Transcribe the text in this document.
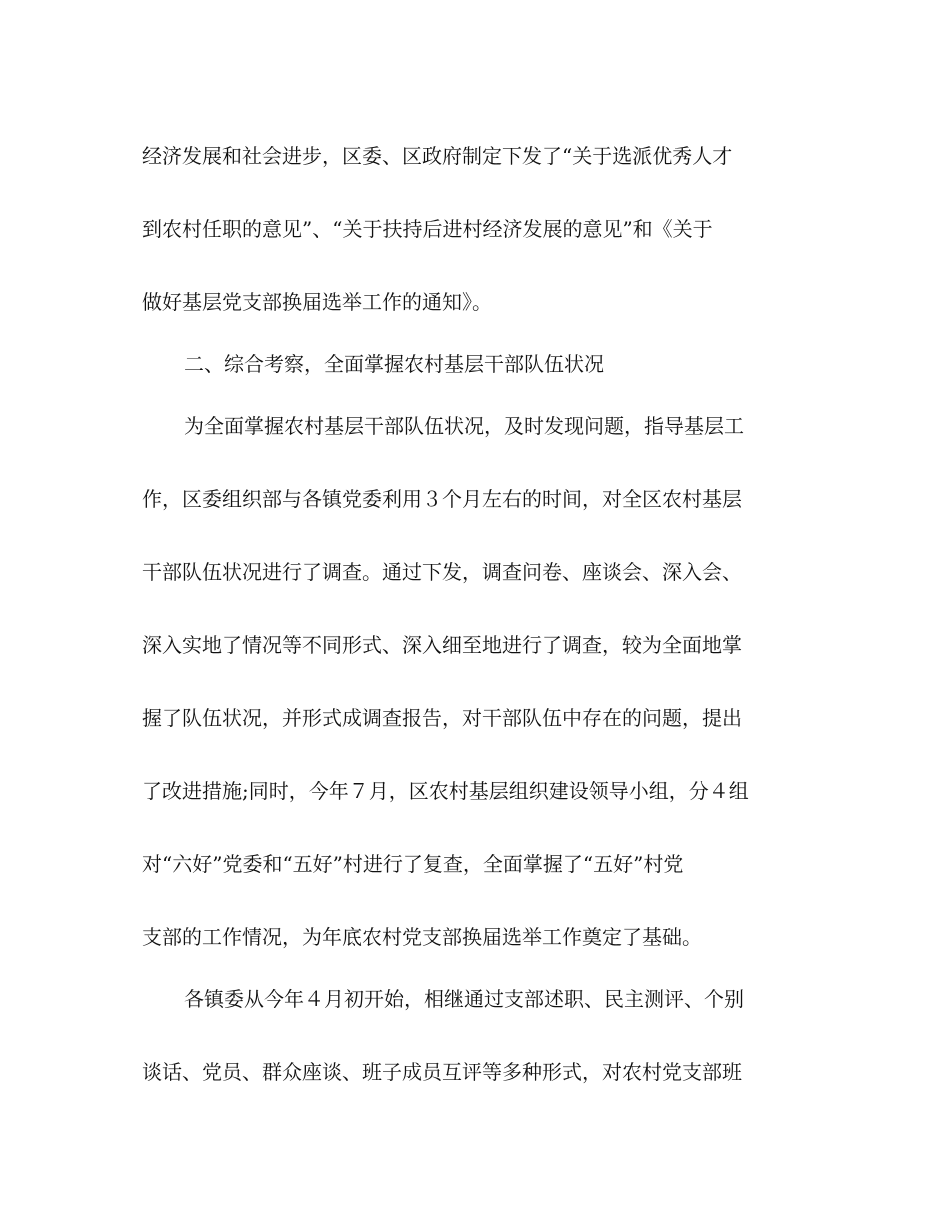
经济发展和社会进步，区委、区政府制定下发了“关于选派优秀人才

到农村任职的意见”、“关于扶持后进村经济发展的意见”和《关于

做好基层党支部换届选举工作的通知》。

二、综合考察，全面掌握农村基层干部队伍状况

为全面掌握农村基层干部队伍状况，及时发现问题，指导基层工

作，区委组织部与各镇党委利用３个月左右的时间，对全区农村基层

干部队伍状况进行了调查。通过下发，调查问卷、座谈会、深入会、

深入实地了情况等不同形式、深入细至地进行了调查，较为全面地掌

握了队伍状况，并形式成调查报告，对干部队伍中存在的问题，提出

了改进措施;同时，今年７月，区农村基层组织建设领导小组，分４组

对“六好”党委和“五好”村进行了复查，全面掌握了“五好”村党

支部的工作情况，为年底农村党支部换届选举工作奠定了基础。

各镇委从今年４月初开始，相继通过支部述职、民主测评、个别

谈话、党员、群众座谈、班子成员互评等多种形式，对农村党支部班
